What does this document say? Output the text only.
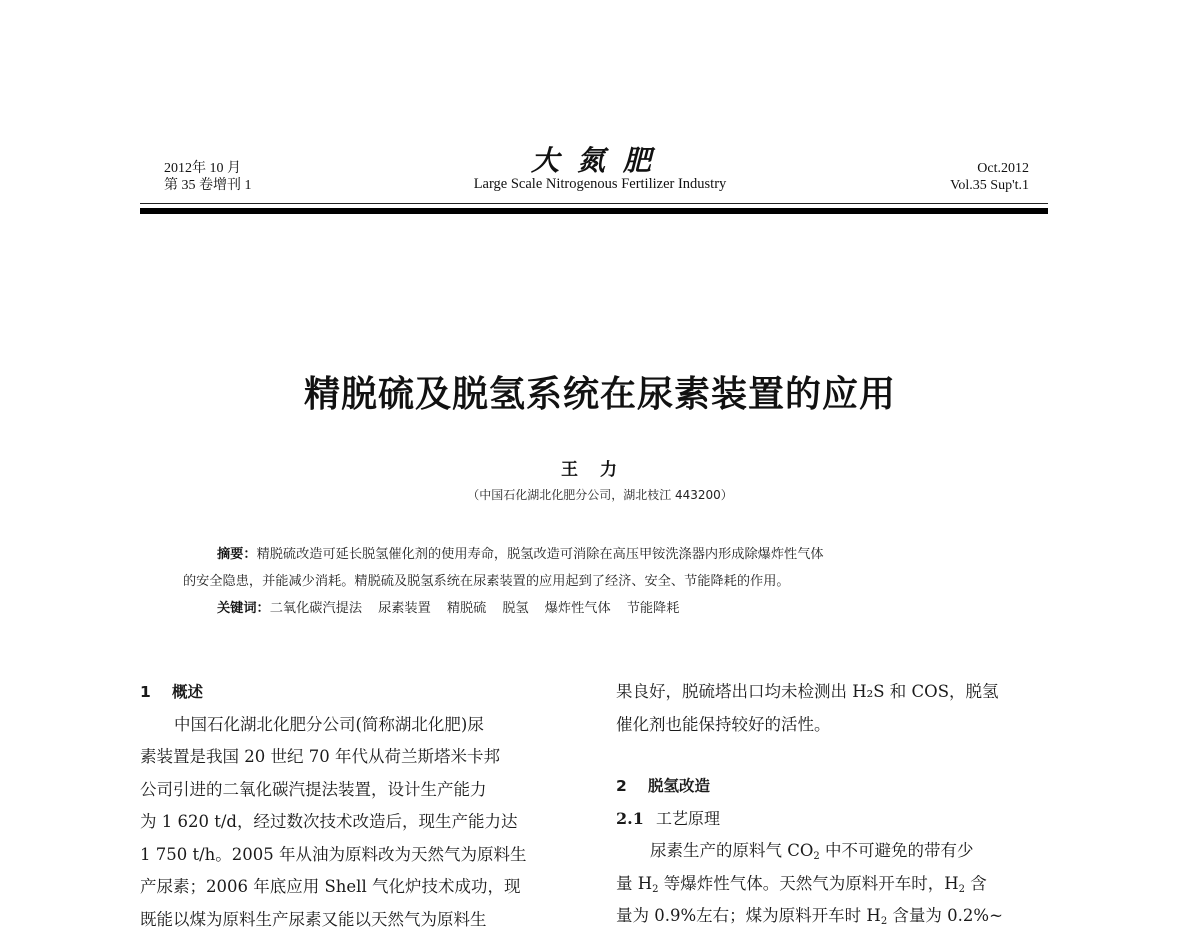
2012年 10 月
第 35 卷增刊 1
大氮肥
Large Scale Nitrogenous Fertilizer Industry
Oct.2012
Vol.35 Sup't.1
精脱硫及脱氢系统在尿素装置的应用
王力
（中国石化湖北化肥分公司，湖北枝江 443200）

摘要：精脱硫改造可延长脱氢催化剂的使用寿命，脱氢改造可消除在高压甲铵洗涤器内形成除爆炸性气体

的安全隐患，并能减少消耗。精脱硫及脱氢系统在尿素装置的应用起到了经济、安全、节能降耗的作用。

关键词：二氧化碳汽提法 尿素装置 精脱硫 脱氢 爆炸性气体 节能降耗

1 概述

中国石化湖北化肥分公司(简称湖北化肥)尿

素装置是我国 20 世纪 70 年代从荷兰斯塔米卡邦

公司引进的二氧化碳汽提法装置，设计生产能力

为 1 620 t/d，经过数次技术改造后，现生产能力达

1 750 t/h。2005 年从油为原料改为天然气为原料生

产尿素；2006 年底应用 Shell 气化炉技术成功，现

既能以煤为原料生产尿素又能以天然气为原料生

果良好，脱硫塔出口均未检测出 H₂S 和 COS，脱氢

催化剂也能保持较好的活性。

2 脱氢改造
2.1 工艺原理

尿素生产的原料气 $CO_2$ 中不可避免的带有少

量 $H_2$ 等爆炸性气体。天然气为原料开车时，$H_2$ 含

量为 0.9%左右；煤为原料开车时 $H_2$ 含量为 0.2%~
